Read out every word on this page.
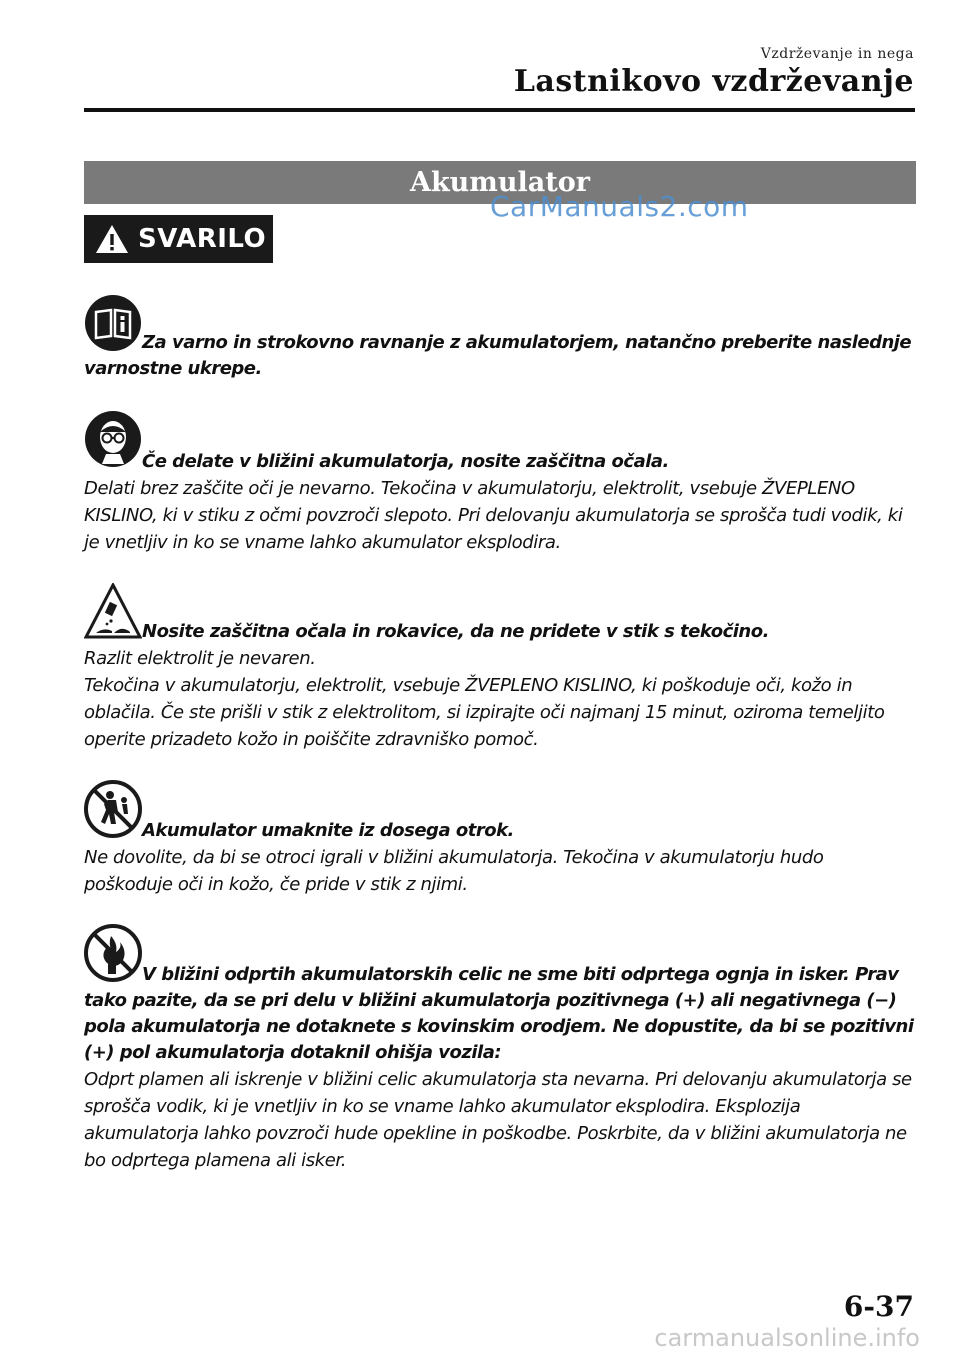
Vzdrževanje in nega
Lastnikovo vzdrževanje
Akumulator
CarManuals2.com
SVARILO

Za varno in strokovno ravnanje z akumulatorjem, natančno preberite naslednje varnostne ukrepe.

Če delate v bližini akumulatorja, nosite zaščitna očala.

Delati brez zaščite oči je nevarno. Tekočina v akumulatorju, elektrolit, vsebuje ŽVEPLENO KISLINO, ki v stiku z očmi povzroči slepoto. Pri delovanju akumulatorja se sprošča tudi vodik, ki je vnetljiv in ko se vname lahko akumulator eksplodira.

Nosite zaščitna očala in rokavice, da ne pridete v stik s tekočino.

Razlit elektrolit je nevaren.

Tekočina v akumulatorju, elektrolit, vsebuje ŽVEPLENO KISLINO, ki poškoduje oči, kožo in oblačila. Če ste prišli v stik z elektrolitom, si izpirajte oči najmanj 15 minut, oziroma temeljito operite prizadeto kožo in poiščite zdravniško pomoč.

Akumulator umaknite iz dosega otrok.

Ne dovolite, da bi se otroci igrali v bližini akumulatorja. Tekočina v akumulatorju hudo poškoduje oči in kožo, če pride v stik z njimi.

V bližini odprtih akumulatorskih celic ne sme biti odprtega ognja in isker. Prav tako pazite, da se pri delu v bližini akumulatorja pozitivnega (+) ali negativnega (−) pola akumulatorja ne dotaknete s kovinskim orodjem. Ne dopustite, da bi se pozitivni (+) pol akumulatorja dotaknil ohišja vozila:

Odprt plamen ali iskrenje v bližini celic akumulatorja sta nevarna. Pri delovanju akumulatorja se sprošča vodik, ki je vnetljiv in ko se vname lahko akumulator eksplodira. Eksplozija akumulatorja lahko povzroči hude opekline in poškodbe. Poskrbite, da v bližini akumulatorja ne bo odprtega plamena ali isker.

6-37
carmanualsonline.info
